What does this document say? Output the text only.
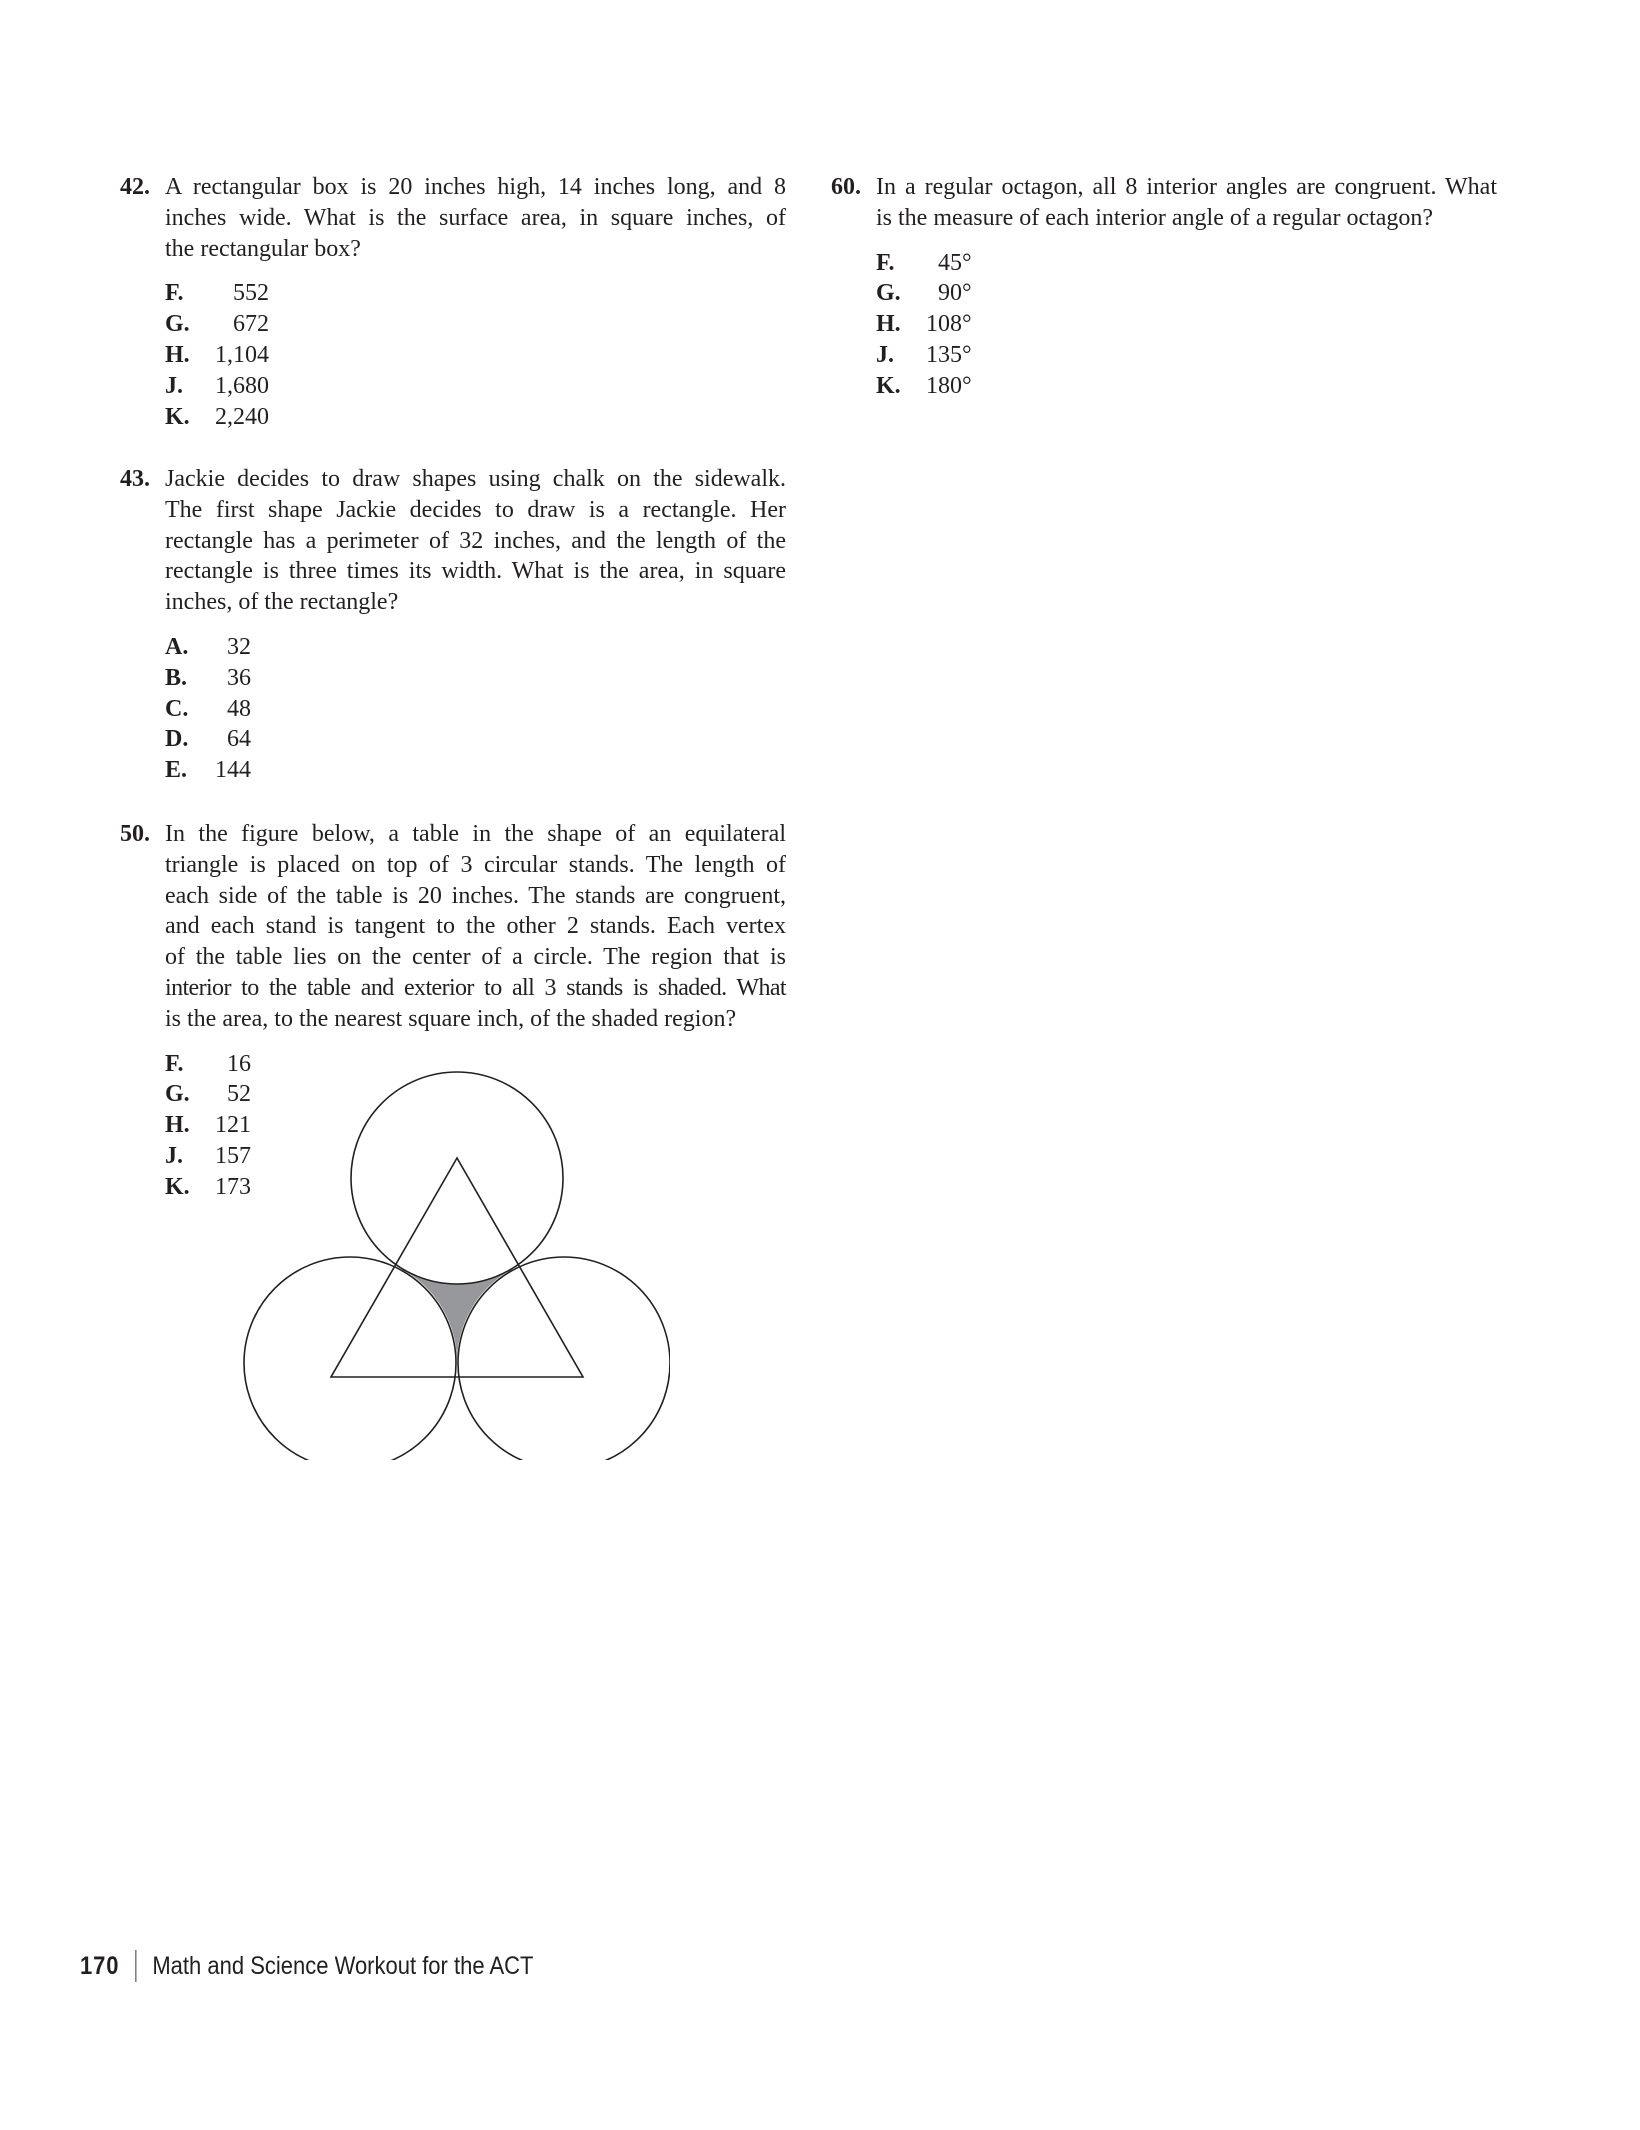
42. A rectangular box is 20 inches high, 14 inches long, and 8
inches wide. What is the surface area, in square inches, of
the rectangular box?
F.	552
G.	672
H.	1,104
J.	1,680
K.	2,240
43. Jackie decides to draw shapes using chalk on the sidewalk.
The first shape Jackie decides to draw is a rectangle. Her
rectangle has a perimeter of 32 inches, and the length of the
rectangle is three times its width. What is the area, in square
inches, of the rectangle?
A.	32
B.	36
C.	48
D.	64
E.	144
50. In the figure below, a table in the shape of an equilateral
triangle is placed on top of 3 circular stands. The length of
each side of the table is 20 inches. The stands are congruent,
and each stand is tangent to the other 2 stands. Each vertex
of the table lies on the center of a circle. The region that is
interior to the table and exterior to all 3 stands is shaded. What
is the area, to the nearest square inch, of the shaded region?
F.	16
G.	52
H.	121
J.	157
K.	173
60. In a regular octagon, all 8 interior angles are congruent. What
is the measure of each interior angle of a regular octagon?
F.	45°
G.	90°
H.	108°
J.	135°
K.	180°
170 Math and Science Workout for the ACT
